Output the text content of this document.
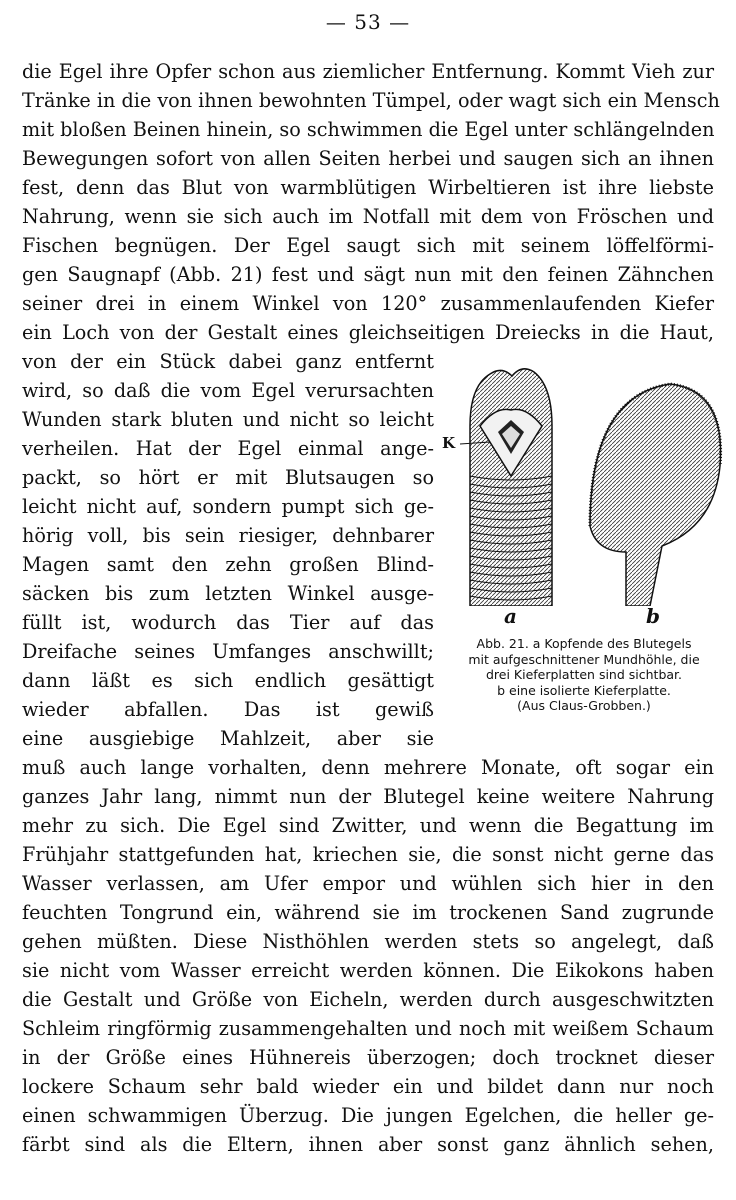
— 53 —
die Egel ihre Opfer schon aus ziemlicher Entfernung. Kommt Vieh zur
Tränke in die von ihnen bewohnten Tümpel, oder wagt sich ein Mensch
mit bloßen Beinen hinein, so schwimmen die Egel unter schlängelnden
Bewegungen sofort von allen Seiten herbei und saugen sich an ihnen
fest, denn das Blut von warmblütigen Wirbeltieren ist ihre liebste
Nahrung, wenn sie sich auch im Notfall mit dem von Fröschen und
Fischen begnügen. Der Egel saugt sich mit seinem löffelförmi-
gen Saugnapf (Abb. 21) fest und sägt nun mit den feinen Zähnchen
seiner drei in einem Winkel von 120° zusammenlaufenden Kiefer
ein Loch von der Gestalt eines gleichseitigen Dreiecks in die Haut,
von der ein Stück dabei ganz entfernt
wird, so daß die vom Egel verursachten
Wunden stark bluten und nicht so leicht
verheilen. Hat der Egel einmal ange-
packt, so hört er mit Blutsaugen so
leicht nicht auf, sondern pumpt sich ge-
hörig voll, bis sein riesiger, dehnbarer
Magen samt den zehn großen Blind-
säcken bis zum letzten Winkel ausge-
füllt ist, wodurch das Tier auf das
Dreifache seines Umfanges anschwillt;
dann läßt es sich endlich gesättigt
wieder abfallen. Das ist gewiß
eine ausgiebige Mahlzeit, aber sie
muß auch lange vorhalten, denn mehrere Monate, oft sogar ein
ganzes Jahr lang, nimmt nun der Blutegel keine weitere Nahrung
mehr zu sich. Die Egel sind Zwitter, und wenn die Begattung im
Frühjahr stattgefunden hat, kriechen sie, die sonst nicht gerne das
Wasser verlassen, am Ufer empor und wühlen sich hier in den
feuchten Tongrund ein, während sie im trockenen Sand zugrunde
gehen müßten. Diese Nisthöhlen werden stets so angelegt, daß
sie nicht vom Wasser erreicht werden können. Die Eikokons haben
die Gestalt und Größe von Eicheln, werden durch ausgeschwitzten
Schleim ringförmig zusammengehalten und noch mit weißem Schaum
in der Größe eines Hühnereis überzogen; doch trocknet dieser
lockere Schaum sehr bald wieder ein und bildet dann nur noch
einen schwammigen Überzug. Die jungen Egelchen, die heller ge-
färbt sind als die Eltern, ihnen aber sonst ganz ähnlich sehen,
K
a	b
Abb. 21. a Kopfende des Blutegels
mit aufgeschnittener Mundhöhle, die
drei Kieferplatten sind sichtbar.
b eine isolierte Kieferplatte.
(Aus Claus-Grobben.)
